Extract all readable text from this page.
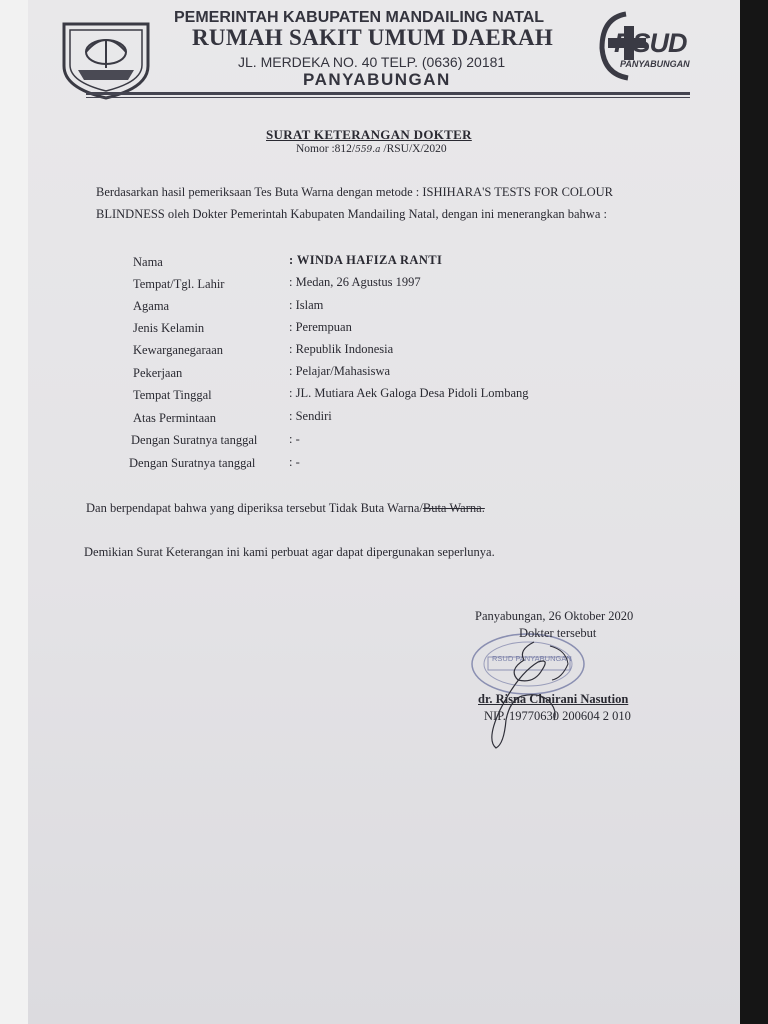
PEMERINTAH KABUPATEN MANDAILING NATAL
RUMAH SAKIT UMUM DAERAH
JL. MERDEKA NO. 40 TELP. (0636) 20181
PANYABUNGAN
RSUD
PANYABUNGAN
SURAT KETERANGAN DOKTER
Nomor :812/559.a /RSU/X/2020
Berdasarkan hasil pemeriksaan Tes Buta Warna dengan metode : ISHIHARA'S TESTS FOR COLOUR
BLINDNESS oleh Dokter Pemerintah Kabupaten Mandailing Natal, dengan ini menerangkan bahwa :
Nama	: WINDA HAFIZA RANTI
Tempat/Tgl. Lahir	: Medan, 26 Agustus 1997
Agama	: Islam
Jenis Kelamin	: Perempuan
Kewarganegaraan	: Republik Indonesia
Pekerjaan	: Pelajar/Mahasiswa
Tempat Tinggal	: JL. Mutiara Aek Galoga Desa Pidoli Lombang
Atas Permintaan	: Sendiri
Dengan Suratnya tanggal	: -
Dengan Suratnya tanggal	: -
Dan berpendapat bahwa yang diperiksa tersebut Tidak Buta Warna/Buta Warna.
Demikian Surat Keterangan ini kami perbuat agar dapat dipergunakan seperlunya.
RSUD PANYABUNGAN
Panyabungan, 26 Oktober 2020
Dokter tersebut
dr. Risna Chairani Nasution
NIP. 19770630 200604 2 010
